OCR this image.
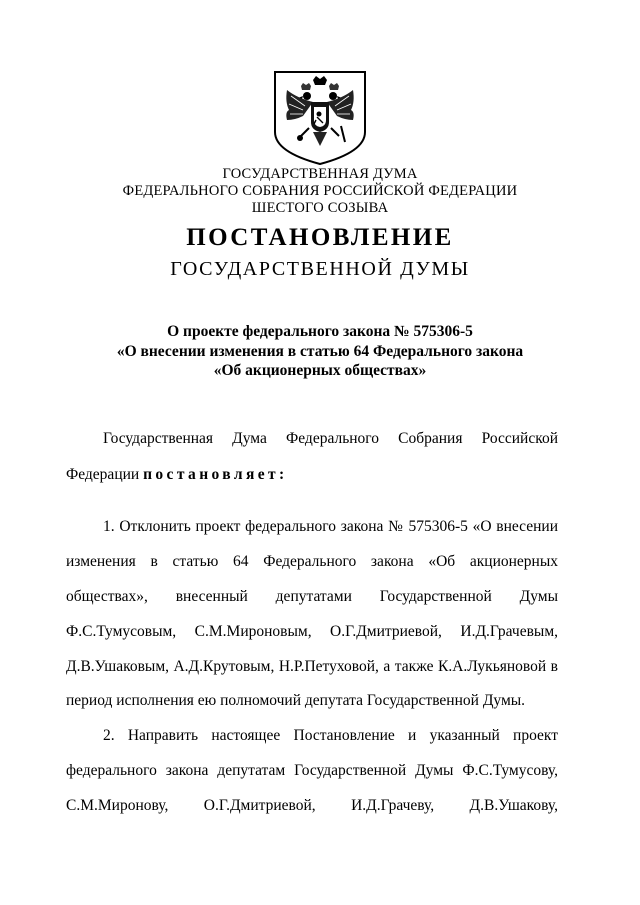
ГОСУДАРСТВЕННАЯ ДУМА
ФЕДЕРАЛЬНОГО СОБРАНИЯ РОССИЙСКОЙ ФЕДЕРАЦИИ
ШЕСТОГО СОЗЫВА
ПОСТАНОВЛЕНИЕ
ГОСУДАРСТВЕННОЙ ДУМЫ
О проекте федерального закона № 575306-5
«О внесении изменения в статью 64 Федерального закона
«Об акционерных обществах»
Государственная Дума Федерального Собрания Российской
Федерации постановляет:
1. Отклонить проект федерального закона № 575306-5 «О внесении
изменения в статью 64 Федерального закона «Об акционерных
обществах», внесенный депутатами Государственной Думы
Ф.С.Тумусовым, С.М.Мироновым, О.Г.Дмитриевой, И.Д.Грачевым,
Д.В.Ушаковым, А.Д.Крутовым, Н.Р.Петуховой, а также К.А.Лукьяновой в
период исполнения ею полномочий депутата Государственной Думы.
2. Направить настоящее Постановление и указанный проект
федерального закона депутатам Государственной Думы Ф.С.Тумусову,
С.М.Миронову, О.Г.Дмитриевой, И.Д.Грачеву, Д.В.Ушакову,
